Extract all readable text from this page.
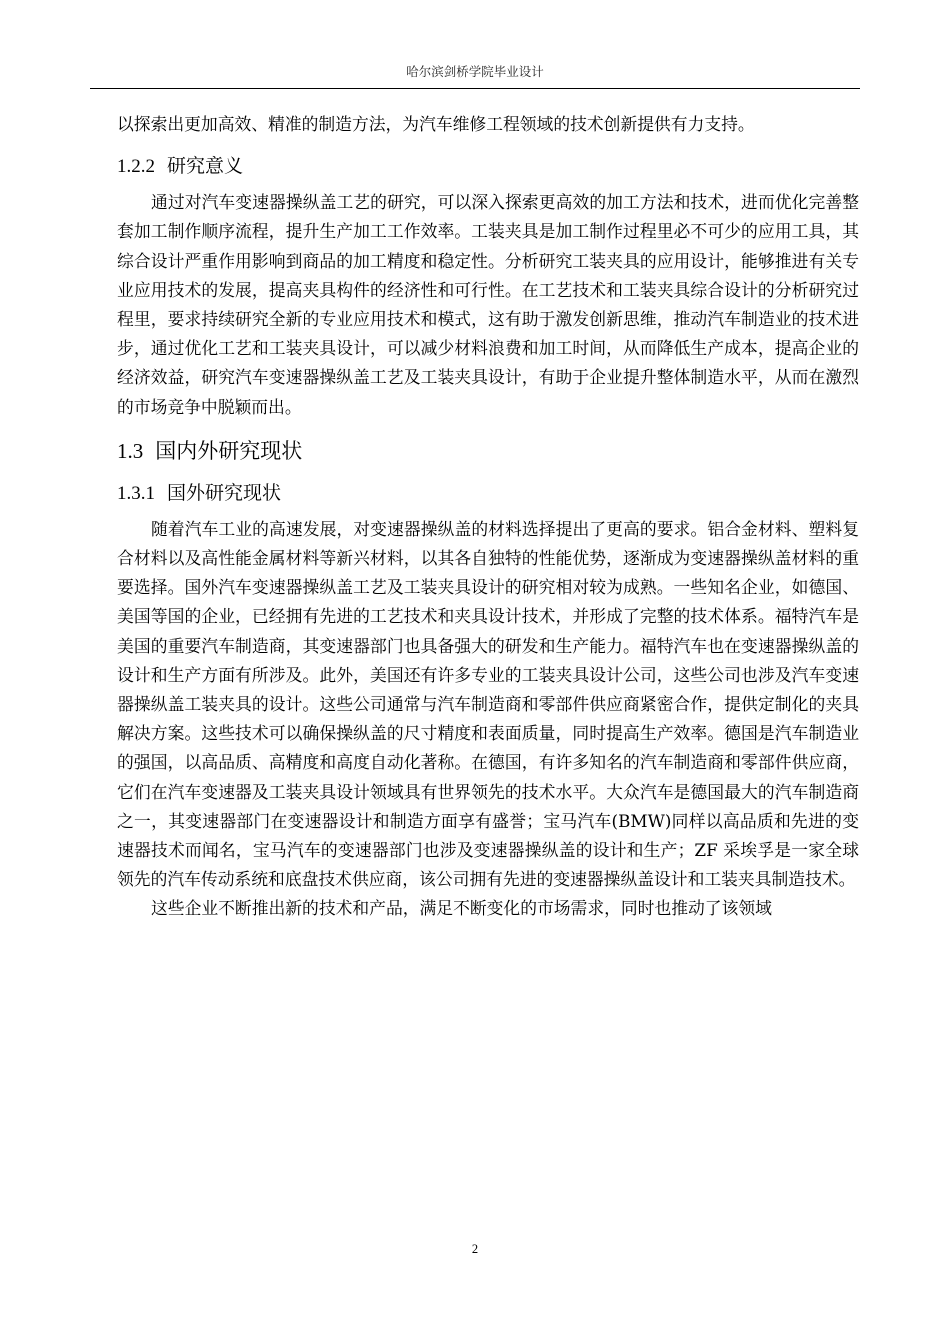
哈尔滨剑桥学院毕业设计

以探索出更加高效、精准的制造方法，为汽车维修工程领域的技术创新提供有力支持。

1.2.2 研究意义

通过对汽车变速器操纵盖工艺的研究，可以深入探索更高效的加工方法和技术，进而优化完善整套加工制作顺序流程，提升生产加工工作效率。工装夹具是加工制作过程里必不可少的应用工具，其综合设计严重作用影响到商品的加工精度和稳定性。分析研究工装夹具的应用设计，能够推进有关专业应用技术的发展，提高夹具构件的经济性和可行性。在工艺技术和工装夹具综合设计的分析研究过程里，要求持续研究全新的专业应用技术和模式，这有助于激发创新思维，推动汽车制造业的技术进步，通过优化工艺和工装夹具设计，可以减少材料浪费和加工时间，从而降低生产成本，提高企业的经济效益，研究汽车变速器操纵盖工艺及工装夹具设计，有助于企业提升整体制造水平，从而在激烈的市场竞争中脱颖而出。

1.3 国内外研究现状
1.3.1 国外研究现状

随着汽车工业的高速发展，对变速器操纵盖的材料选择提出了更高的要求。铝合金材料、塑料复合材料以及高性能金属材料等新兴材料，以其各自独特的性能优势，逐渐成为变速器操纵盖材料的重要选择。国外汽车变速器操纵盖工艺及工装夹具设计的研究相对较为成熟。一些知名企业，如德国、美国等国的企业，已经拥有先进的工艺技术和夹具设计技术，并形成了完整的技术体系。福特汽车是美国的重要汽车制造商，其变速器部门也具备强大的研发和生产能力。福特汽车也在变速器操纵盖的设计和生产方面有所涉及。此外，美国还有许多专业的工装夹具设计公司，这些公司也涉及汽车变速器操纵盖工装夹具的设计。这些公司通常与汽车制造商和零部件供应商紧密合作，提供定制化的夹具解决方案。这些技术可以确保操纵盖的尺寸精度和表面质量，同时提高生产效率。德国是汽车制造业的强国，以高品质、高精度和高度自动化著称。在德国，有许多知名的汽车制造商和零部件供应商，它们在汽车变速器及工装夹具设计领域具有世界领先的技术水平。大众汽车是德国最大的汽车制造商之一，其变速器部门在变速器设计和制造方面享有盛誉；宝马汽车(BMW)同样以高品质和先进的变速器技术而闻名，宝马汽车的变速器部门也涉及变速器操纵盖的设计和生产；ZF 采埃孚是一家全球领先的汽车传动系统和底盘技术供应商，该公司拥有先进的变速器操纵盖设计和工装夹具制造技术。

这些企业不断推出新的技术和产品，满足不断变化的市场需求，同时也推动了该领域

2
